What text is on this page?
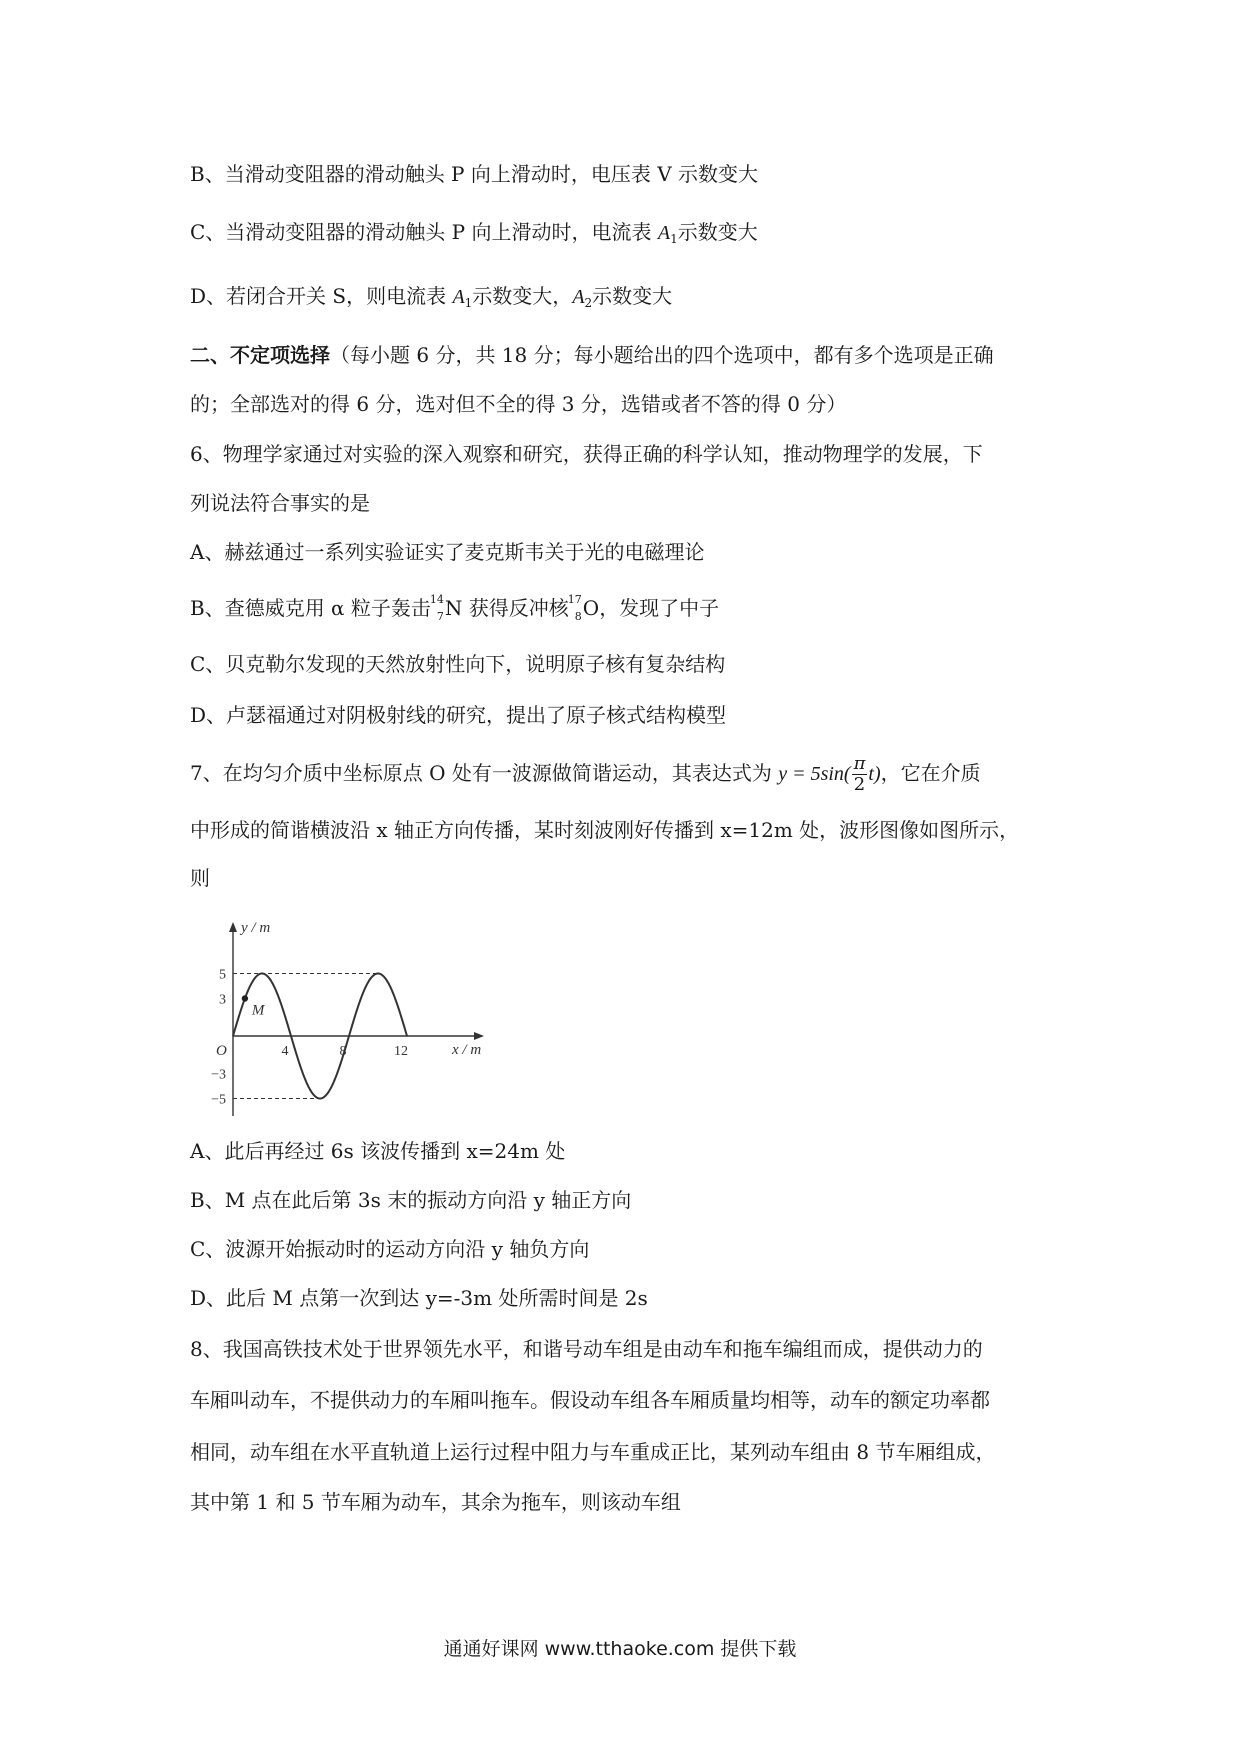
B、当滑动变阻器的滑动触头 P 向上滑动时，电压表 V 示数变大

C、当滑动变阻器的滑动触头 P 向上滑动时，电流表 $A_1$示数变大

D、若闭合开关 S，则电流表 $A_1$示数变大，$A_2$示数变大

二、不定项选择（每小题 6 分，共 18 分；每小题给出的四个选项中，都有多个选项是正确

的；全部选对的得 6 分，选对但不全的得 3 分，选错或者不答的得 0 分）

6、物理学家通过对实验的深入观察和研究，获得正确的科学认知，推动物理学的发展，下

列说法符合事实的是

A、赫兹通过一系列实验证实了麦克斯韦关于光的电磁理论

B、查德威克用 α 粒子轰击 14
7 N 获得反冲核 17
8 O，发现了中子

C、贝克勒尔发现的天然放射性向下，说明原子核有复杂结构

D、卢瑟福通过对阴极射线的研究，提出了原子核式结构模型

7、在均匀介质中坐标原点 O 处有一波源做简谐运动，其表达式为 $y = 5\sin( \frac{\pi}{2} t)$，它在介质

中形成的简谐横波沿 x 轴正方向传播，某时刻波刚好传播到 x=12m 处，波形图像如图所示，

则

M
y / m
x / m
O
5
3
−3
−5
4	8	12

A、此后再经过 6s 该波传播到 x=24m 处

B、M 点在此后第 3s 末的振动方向沿 y 轴正方向

C、波源开始振动时的运动方向沿 y 轴负方向

D、此后 M 点第一次到达 y=-3m 处所需时间是 2s

8、我国高铁技术处于世界领先水平，和谐号动车组是由动车和拖车编组而成，提供动力的

车厢叫动车，不提供动力的车厢叫拖车。假设动车组各车厢质量均相等，动车的额定功率都

相同，动车组在水平直轨道上运行过程中阻力与车重成正比，某列动车组由 8 节车厢组成，

其中第 1 和 5 节车厢为动车，其余为拖车，则该动车组

通通好课网 www.tthaoke.com 提供下载
